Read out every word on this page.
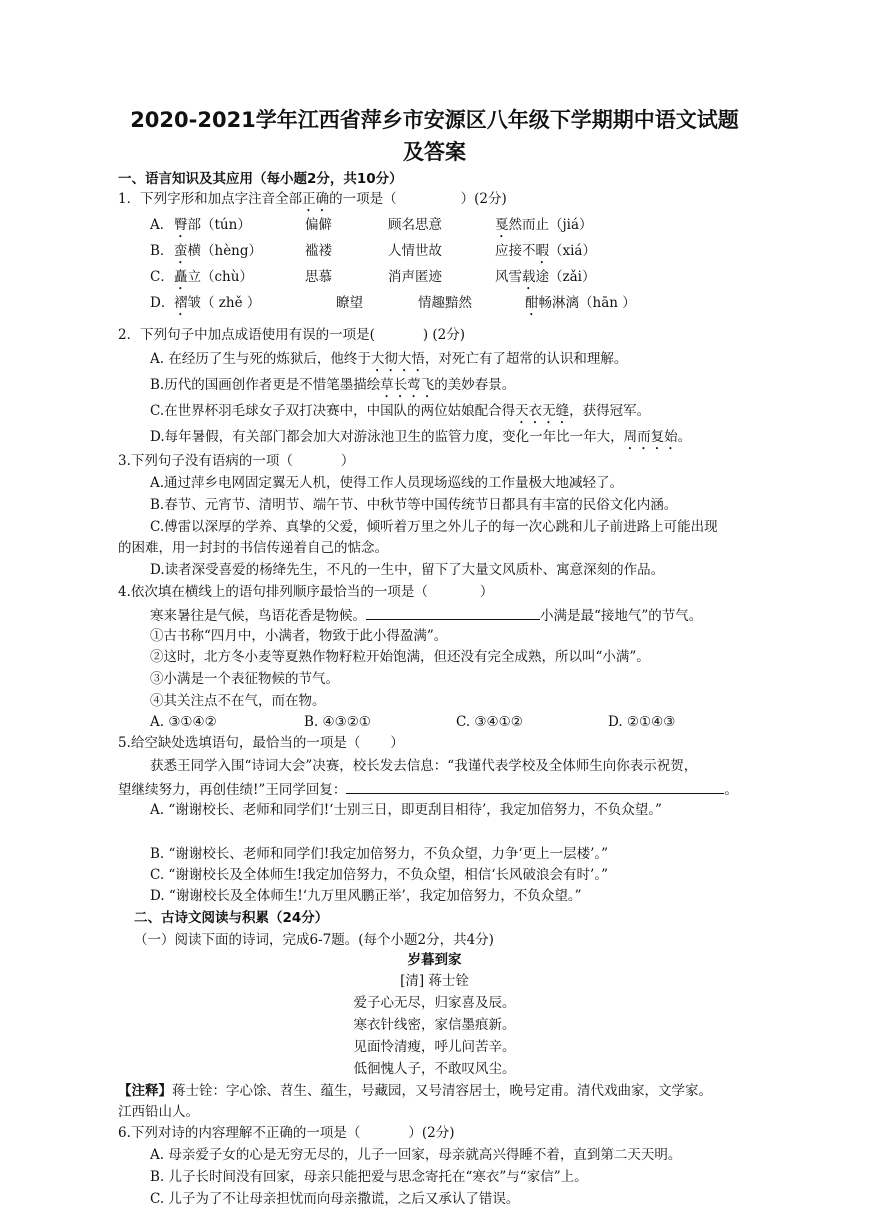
2020-2021学年江西省萍乡市安源区八年级下学期期中语文试题
及答案
一、语言知识及其应用（每小题2分，共10分）
1．下列字形和加点字注音全部正确的一项是（	）(2分)
A． 臀部（tún）	偏僻	顾名思意	戛然而止（jiá）
B． 蛮横（hèng）	褴褛	人情世故	应接不暇（xiá）
C． 矗立（chù）	思慕	消声匿迹	风雪载途（zǎi）
D． 褶皱（ zhě ）	瞭望	情趣黯然	酣畅淋漓（hān ）
2．下列句子中加点成语使用有误的一项是(	) (2分)
A. 在经历了生与死的炼狱后，他终于大彻大悟，对死亡有了超常的认识和理解。
B.历代的国画创作者更是不惜笔墨描绘草长莺飞的美妙春景。
C.在世界杯羽毛球女子双打决赛中，中国队的两位姑娘配合得天衣无缝，获得冠军。
D.每年暑假，有关部门都会加大对游泳池卫生的监管力度，变化一年比一年大，周而复始。
3.下列句子没有语病的一项（	）
A.通过萍乡电网固定翼无人机，使得工作人员现场巡线的工作量极大地减轻了。
B.春节、元宵节、清明节、端午节、中秋节等中国传统节日都具有丰富的民俗文化内涵。
C.傅雷以深厚的学养、真挚的父爱，倾听着万里之外儿子的每一次心跳和儿子前进路上可能出现
的困难，用一封封的书信传递着自己的惦念。
D.读者深受喜爱的杨绛先生，不凡的一生中，留下了大量文风质朴、寓意深刻的作品。
4.依次填在横线上的语句排列顺序最恰当的一项是（	）
寒来暑往是气候，鸟语花香是物候。	小满是最“接地气”的节气。
①古书称“四月中，小满者，物致于此小得盈满”。
②这时，北方冬小麦等夏熟作物籽粒开始饱满，但还没有完全成熟，所以叫“小满”。
③小满是一个表征物候的节气。
④其关注点不在气，而在物。
A. ③①④②	B. ④③②①	C. ③④①②	D. ②①④③
5.给空缺处选填语句，最恰当的一项是（ ）
获悉王同学入围“诗词大会”决赛，校长发去信息：“我谨代表学校及全体师生向你表示祝贺，
望继续努力，再创佳绩!”王同学回复：	。
A. “谢谢校长、老师和同学们!‘士别三日，即更刮目相待’，我定加倍努力，不负众望。”
B. “谢谢校长、老师和同学们!我定加倍努力，不负众望，力争‘更上一层楼’。”
C. “谢谢校长及全体师生!我定加倍努力，不负众望，相信‘长风破浪会有时’。”
D. “谢谢校长及全体师生!‘九万里风鹏正举’，我定加倍努力，不负众望。”
二、古诗文阅读与积累（24分）
（一）阅读下面的诗词，完成6-7题。(每个小题2分，共4分)
岁暮到家
[清] 蒋士铨
爱子心无尽，归家喜及辰。
寒衣针线密，家信墨痕新。
见面怜清瘦，呼儿问苦辛。
低徊愧人子，不敢叹风尘。
【注释】蒋士铨：字心馀、苕生、蕴生，号藏园，又号清容居士，晚号定甫。清代戏曲家，文学家。
江西铅山人。
6.下列对诗的内容理解不正确的一项是（	）(2分)
A. 母亲爱子女的心是无穷无尽的，儿子一回家，母亲就高兴得睡不着，直到第二天天明。
B. 儿子长时间没有回家，母亲只能把爱与思念寄托在“寒衣”与“家信”上。
C. 儿子为了不让母亲担忧而向母亲撒谎，之后又承认了错误。
